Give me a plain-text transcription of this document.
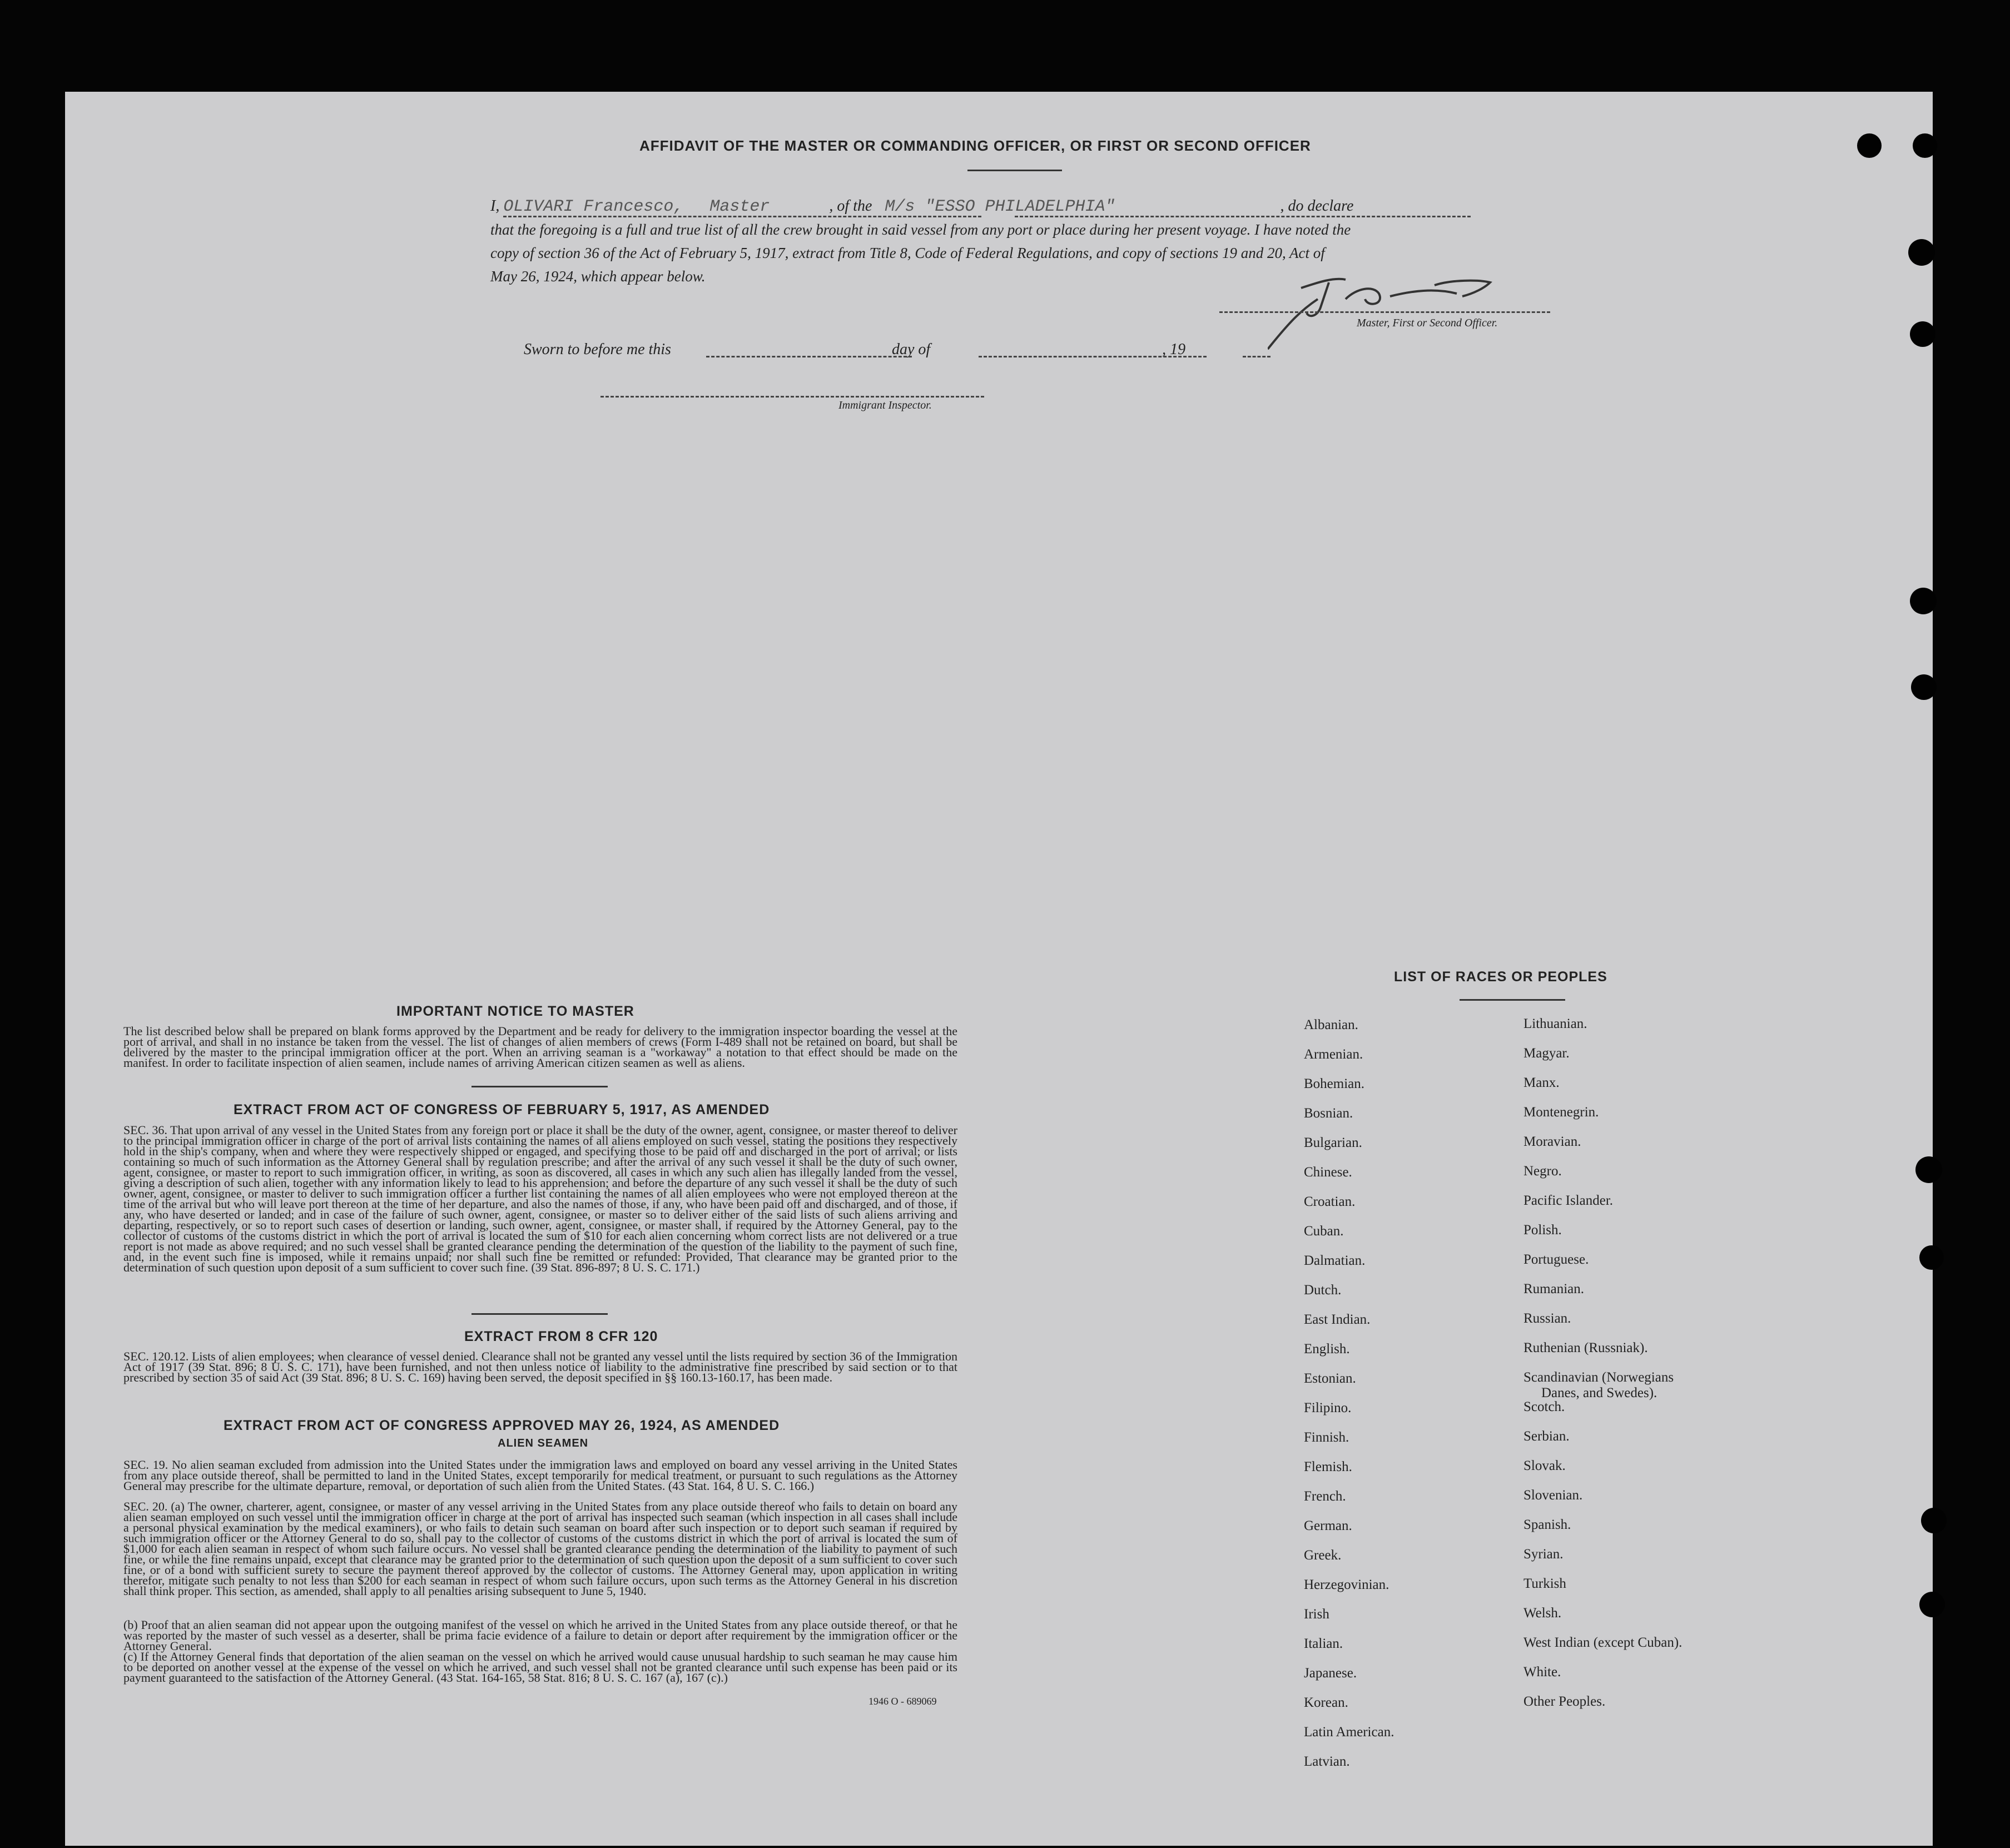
AFFIDAVIT OF THE MASTER OR COMMANDING OFFICER, OR FIRST OR SECOND OFFICER
I, OLIVARI Francesco, Master	, of the M/s "ESSO PHILADELPHIA"	, do declare
that the foregoing is a full and true list of all the crew brought in said vessel from any port or place during her present voyage. I have noted the
copy of section 36 of the Act of February 5, 1917, extract from Title 8, Code of Federal Regulations, and copy of sections 19 and 20, Act of
May 26, 1924, which appear below.
Master, First or Second Officer.
Sworn to before me this	day of	, 19
Immigrant Inspector.
IMPORTANT NOTICE TO MASTER
The list described below shall be prepared on blank forms approved by the Department and be ready for delivery to the immigration inspector boarding the vessel at the port of arrival, and shall in no instance be taken from the vessel. The list of changes of alien members of crews (Form I-489 shall not be retained on board, but shall be delivered by the master to the principal immigration officer at the port. When an arriving seaman is a "workaway" a notation to that effect should be made on the manifest. In order to facilitate inspection of alien seamen, include names of arriving American citizen seamen as well as aliens.
EXTRACT FROM ACT OF CONGRESS OF FEBRUARY 5, 1917, AS AMENDED
SEC. 36. That upon arrival of any vessel in the United States from any foreign port or place it shall be the duty of the owner, agent, consignee, or master thereof to deliver to the principal immigration officer in charge of the port of arrival lists containing the names of all aliens employed on such vessel, stating the positions they respectively hold in the ship's company, when and where they were respectively shipped or engaged, and specifying those to be paid off and discharged in the port of arrival; or lists containing so much of such information as the Attorney General shall by regulation prescribe; and after the arrival of any such vessel it shall be the duty of such owner, agent, consignee, or master to report to such immigration officer, in writing, as soon as discovered, all cases in which any such alien has illegally landed from the vessel, giving a description of such alien, together with any information likely to lead to his apprehension; and before the departure of any such vessel it shall be the duty of such owner, agent, consignee, or master to deliver to such immigration officer a further list containing the names of all alien employees who were not employed thereon at the time of the arrival but who will leave port thereon at the time of her departure, and also the names of those, if any, who have been paid off and discharged, and of those, if any, who have deserted or landed; and in case of the failure of such owner, agent, consignee, or master so to deliver either of the said lists of such aliens arriving and departing, respectively, or so to report such cases of desertion or landing, such owner, agent, consignee, or master shall, if required by the Attorney General, pay to the collector of customs of the customs district in which the port of arrival is located the sum of $10 for each alien concerning whom correct lists are not delivered or a true report is not made as above required; and no such vessel shall be granted clearance pending the determination of the question of the liability to the payment of such fine, and, in the event such fine is imposed, while it remains unpaid; nor shall such fine be remitted or refunded: Provided, That clearance may be granted prior to the determination of such question upon deposit of a sum sufficient to cover such fine. (39 Stat. 896-897; 8 U. S. C. 171.)
EXTRACT FROM 8 CFR 120
SEC. 120.12. Lists of alien employees; when clearance of vessel denied. Clearance shall not be granted any vessel until the lists required by section 36 of the Immigration Act of 1917 (39 Stat. 896; 8 U. S. C. 171), have been furnished, and not then unless notice of liability to the administrative fine prescribed by said section or to that prescribed by section 35 of said Act (39 Stat. 896; 8 U. S. C. 169) having been served, the deposit specified in §§ 160.13-160.17, has been made.
EXTRACT FROM ACT OF CONGRESS APPROVED MAY 26, 1924, AS AMENDED
ALIEN SEAMEN
SEC. 19. No alien seaman excluded from admission into the United States under the immigration laws and employed on board any vessel arriving in the United States from any place outside thereof, shall be permitted to land in the United States, except temporarily for medical treatment, or pursuant to such regulations as the Attorney General may prescribe for the ultimate departure, removal, or deportation of such alien from the United States. (43 Stat. 164, 8 U. S. C. 166.)
SEC. 20. (a) The owner, charterer, agent, consignee, or master of any vessel arriving in the United States from any place outside thereof who fails to detain on board any alien seaman employed on such vessel until the immigration officer in charge at the port of arrival has inspected such seaman (which inspection in all cases shall include a personal physical examination by the medical examiners), or who fails to detain such seaman on board after such inspection or to deport such seaman if required by such immigration officer or the Attorney General to do so, shall pay to the collector of customs of the customs district in which the port of arrival is located the sum of $1,000 for each alien seaman in respect of whom such failure occurs. No vessel shall be granted clearance pending the determination of the liability to payment of such fine, or while the fine remains unpaid, except that clearance may be granted prior to the determination of such question upon the deposit of a sum sufficient to cover such fine, or of a bond with sufficient surety to secure the payment thereof approved by the collector of customs. The Attorney General may, upon application in writing therefor, mitigate such penalty to not less than $200 for each seaman in respect of whom such failure occurs, upon such terms as the Attorney General in his discretion shall think proper. This section, as amended, shall apply to all penalties arising subsequent to June 5, 1940.
(b) Proof that an alien seaman did not appear upon the outgoing manifest of the vessel on which he arrived in the United States from any place outside thereof, or that he was reported by the master of such vessel as a deserter, shall be prima facie evidence of a failure to detain or deport after requirement by the immigration officer or the Attorney General.
(c) If the Attorney General finds that deportation of the alien seaman on the vessel on which he arrived would cause unusual hardship to such seaman he may cause him to be deported on another vessel at the expense of the vessel on which he arrived, and such vessel shall not be granted clearance until such expense has been paid or its payment guaranteed to the satisfaction of the Attorney General. (43 Stat. 164-165, 58 Stat. 816; 8 U. S. C. 167 (a), 167 (c).)
1946 O - 689069
LIST OF RACES OR PEOPLES
Albanian.
Armenian.
Bohemian.
Bosnian.
Bulgarian.
Chinese.
Croatian.
Cuban.
Dalmatian.
Dutch.
East Indian.
English.
Estonian.
Filipino.
Finnish.
Flemish.
French.
German.
Greek.
Herzegovinian.
Irish
Italian.
Japanese.
Korean.
Latin American.
Latvian.
Lithuanian.
Magyar.
Manx.
Montenegrin.
Moravian.
Negro.
Pacific Islander.
Polish.
Portuguese.
Rumanian.
Russian.
Ruthenian (Russniak).
Scandinavian (Norwegians
Danes, and Swedes).
Scotch.
Serbian.
Slovak.
Slovenian.
Spanish.
Syrian.
Turkish
Welsh.
West Indian (except Cuban).
White.
Other Peoples.
